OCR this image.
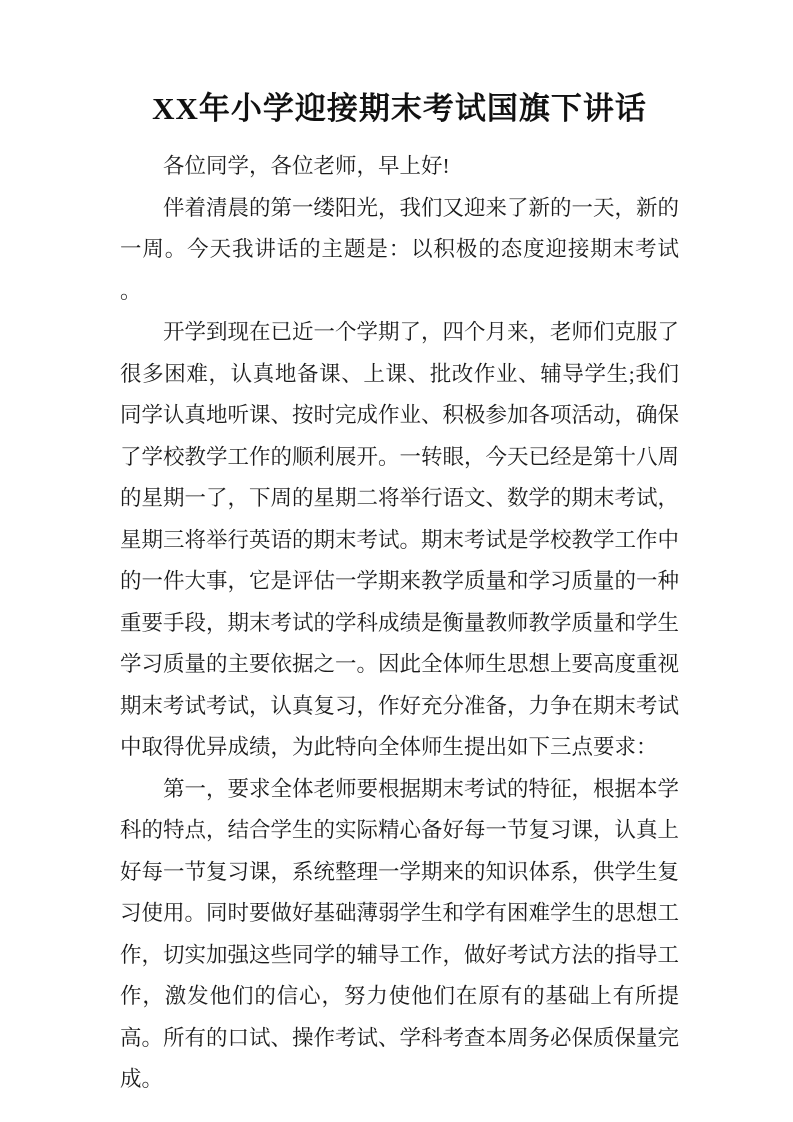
XX年小学迎接期末考试国旗下讲话

各位同学，各位老师，早上好!

伴着清晨的第一缕阳光，我们又迎来了新的一天，新的一周。今天我讲话的主题是：以积极的态度迎接期末考试 。

开学到现在已近一个学期了，四个月来，老师们克服了很多困难，认真地备课、上课、批改作业、辅导学生;我们同学认真地听课、按时完成作业、积极参加各项活动，确保了学校教学工作的顺利展开。一转眼，今天已经是第十八周的星期一了，下周的星期二将举行语文、数学的期末考试，星期三将举行英语的期末考试。期末考试是学校教学工作中的一件大事，它是评估一学期来教学质量和学习质量的一种重要手段，期末考试的学科成绩是衡量教师教学质量和学生学习质量的主要依据之一。因此全体师生思想上要高度重视期末考试考试，认真复习，作好充分准备，力争在期末考试中取得优异成绩，为此特向全体师生提出如下三点要求：

第一，要求全体老师要根据期末考试的特征，根据本学科的特点，结合学生的实际精心备好每一节复习课，认真上好每一节复习课，系统整理一学期来的知识体系，供学生复习使用。同时要做好基础薄弱学生和学有困难学生的思想工作，切实加强这些同学的辅导工作，做好考试方法的指导工作，激发他们的信心，努力使他们在原有的基础上有所提高。所有的口试、操作考试、学科考查本周务必保质保量完成。
